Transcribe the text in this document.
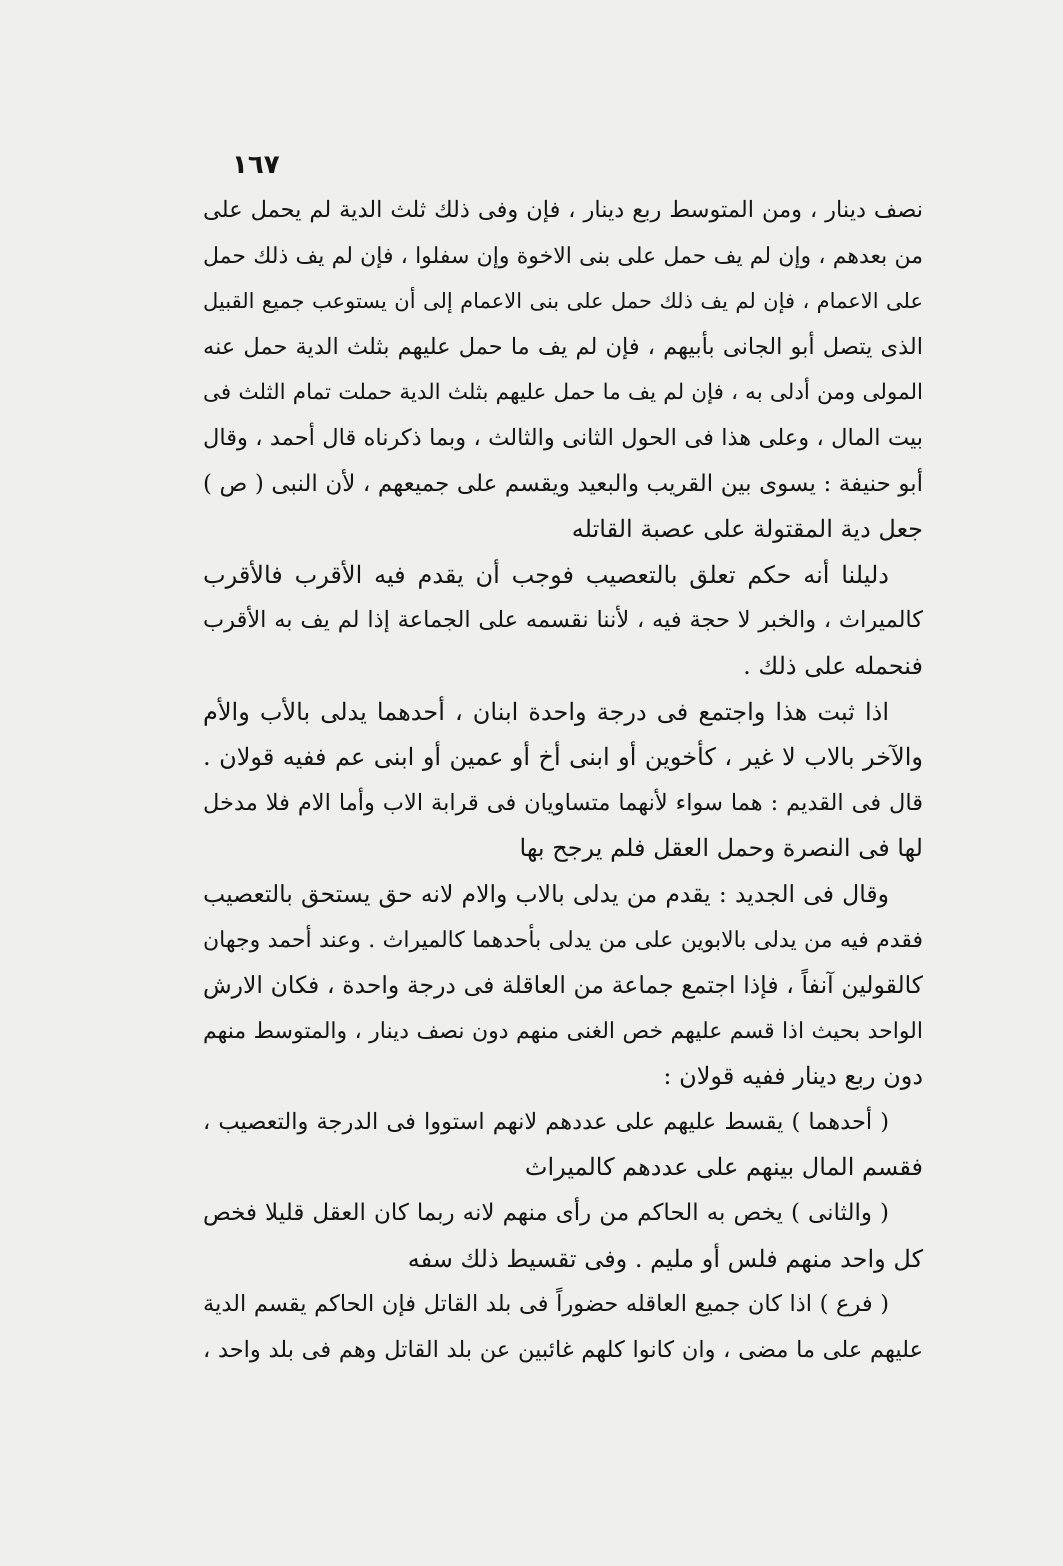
١٦٧
نصف دينار ، ومن المتوسط ربع دينار ، فإن وفى ذلك ثلث الدية لم يحمل على
من بعدهم ، وإن لم يف حمل على بنى الاخوة وإن سفلوا ، فإن لم يف ذلك حمل
على الاعمام ، فإن لم يف ذلك حمل على بنى الاعمام إلى أن يستوعب جميع القبيل
الذى يتصل أبو الجانى بأبيهم ، فإن لم يف ما حمل عليهم بثلث الدية حمل عنه
المولى ومن أدلى به ، فإن لم يف ما حمل عليهم بثلث الدية حملت تمام الثلث فى
بيت المال ، وعلى هذا فى الحول الثانى والثالث ، وبما ذكرناه قال أحمد ، وقال
أبو حنيفة : يسوى بين القريب والبعيد ويقسم على جميعهم ، لأن النبى ( ص )
جعل دية المقتولة على عصبة القاتله
دليلنا أنه حكم تعلق بالتعصيب فوجب أن يقدم فيه الأقرب فالأقرب
كالميراث ، والخبر لا حجة فيه ، لأننا نقسمه على الجماعة إذا لم يف به الأقرب
فنحمله على ذلك .
اذا ثبت هذا واجتمع فى درجة واحدة ابنان ، أحدهما يدلى بالأب والأم
والآخر بالاب لا غير ، كأخوين أو ابنى أخ أو عمين أو ابنى عم ففيه قولان .
قال فى القديم : هما سواء لأنهما متساويان فى قرابة الاب وأما الام فلا مدخل
لها فى النصرة وحمل العقل فلم يرجح بها
وقال فى الجديد : يقدم من يدلى بالاب والام لانه حق يستحق بالتعصيب
فقدم فيه من يدلى بالابوين على من يدلى بأحدهما كالميراث . وعند أحمد وجهان
كالقولين آنفاً ، فإذا اجتمع جماعة من العاقلة فى درجة واحدة ، فكان الارش
الواحد بحيث اذا قسم عليهم خص الغنى منهم دون نصف دينار ، والمتوسط منهم
دون ربع دينار ففيه قولان :
( أحدهما ) يقسط عليهم على عددهم لانهم استووا فى الدرجة والتعصيب ،
فقسم المال بينهم على عددهم كالميراث
( والثانى ) يخص به الحاكم من رأى منهم لانه ربما كان العقل قليلا فخص
كل واحد منهم فلس أو مليم . وفى تقسيط ذلك سفه
( فرع ) اذا كان جميع العاقله حضوراً فى بلد القاتل فإن الحاكم يقسم الدية
عليهم على ما مضى ، وان كانوا كلهم غائبين عن بلد القاتل وهم فى بلد واحد ،
